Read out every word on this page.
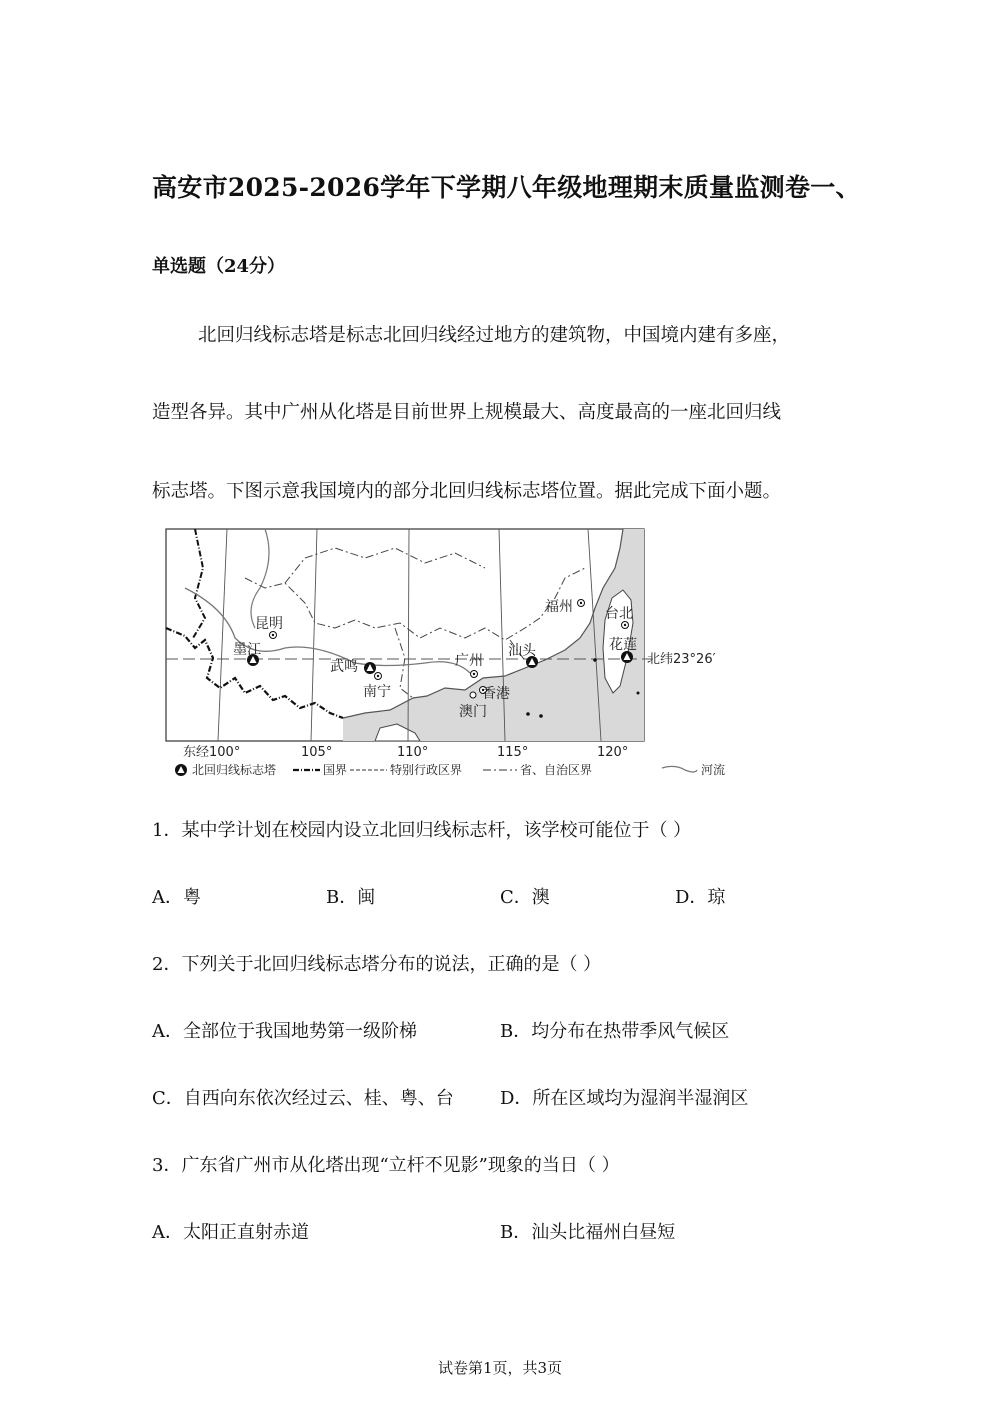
高安市2025-2026学年下学期八年级地理期末质量监测卷一、
单选题（24分）
北回归线标志塔是标志北回归线经过地方的建筑物，中国境内建有多座，
造型各异。其中广州从化塔是目前世界上规模最大、高度最高的一座北回归线
标志塔。下图示意我国境内的部分北回归线标志塔位置。据此完成下面小题。
昆明
墨江
武鸣
南宁
广州
汕头
福州 台北
花莲
香港
澳门
北纬23°26′
东经100°	105°	110°	115°	120°
北回归线标志塔	国界	特别行政区界	省、自治区界	河流
1．某中学计划在校园内设立北回归线标志杆，该学校可能位于（ ）
A．粤	B．闽	C．澳	D．琼
2．下列关于北回归线标志塔分布的说法，正确的是（ ）
A．全部位于我国地势第一级阶梯	B．均分布在热带季风气候区
C．自西向东依次经过云、桂、粤、台	D．所在区域均为湿润半湿润区
3．广东省广州市从化塔出现“立杆不见影”现象的当日（ ）
A．太阳正直射赤道	B．汕头比福州白昼短
试卷第1页，共3页
